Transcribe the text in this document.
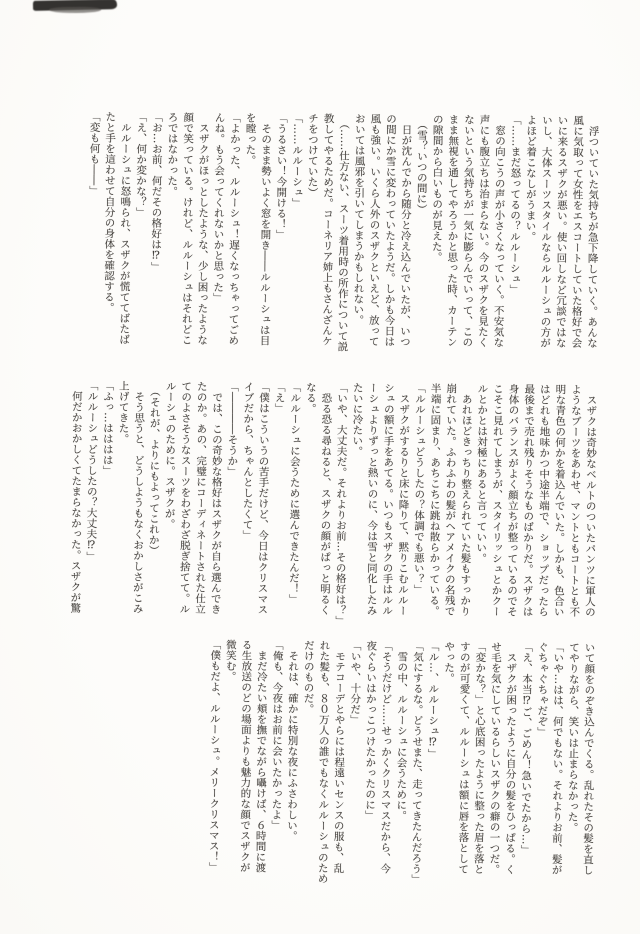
　浮ついていた気持ちが急下降していく。あんな
風に気取って女性をエスコートしていた格好で会
いに来るスザクが悪い。使い回しなど冗談ではな
いし、大体スーツスタイルならルルーシュの方が
よほど着こなしがうまい。
「……まだ怒ってるの？ルルーシュ」
　窓の向こうの声が小さくなっていく。不安気な
声にも腹立ちは治まらない。今のスザクを見たく
ないという気持ちが一気に膨らんでいって、この
まま無視を通してやろうかと思った時、カーテン
の隙間から白いものが見えた。
　（雪？いつの間に）
　日が沈んでから随分と冷え込んでいたが、いつ
の間にか雪に変わっていたようだ。しかも今日は
風も強い。いくら人外のスザクといえど、放って
おいては風邪を引いてしまうかもしれない。
　（……仕方ない、スーツ着用時の所作について説
教してやるためだ。コーネリア姉上もさんざんケ
チをつけていた）
「……ルルーシュ」
「うるさい！今開ける！」
　そのまま勢いよく窓を開き――ルルーシュは目
を瞠った。
「よかった、ルルーシュ！遅くなっちゃってごめ
んね。もう会ってくれないかと思った」
　スザクがほっとしたような、少し困ったような
顔で笑っている。けれど、ルルーシュはそれどこ
ろではなかった。
「お…お前、何だその格好は⁉」
「え、何か変かな？」
　ルルーシュに怒鳴られ、スザクが慌ててばたば
たと手を這わせて自分の身体を確認する。
「変も何も――」
　スザクは奇妙なベルトのついたパンツに軍人の
ようなブーツをあわせ、マントともコートとも不
明な青色の何かを着込んでいた。しかも、色合い
はどれも地味かつ中途半端で、ショップだったら
最後まで売れ残りそうなものばかりだ。スザクは
身体のバランスがよく顔立ちが整っているのでそ
こそこ見れてしまうが、スタイリッシュとかクー
ルとかとは対極にあると言っていい。
　あれほどきっちり整えられていた髪もすっかり
崩れていた。ふわふわの髪がヘアメイクの名残で
半端に固まり、あちこちに跳ね散らかっている。
「ルルーシュどうしたの？体調でも悪い？」
　スザクがするりと床に降りて、黙りこむルルー
シュの額に手をあてる。いつもスザクの手はルル
ーシュよりずっと熱いのに、今は雪と同化したみ
たいに冷たい。
「いや、大丈夫だ。それよりお前…その格好は？」
　恐る恐る尋ねると、スザクの顔がぱっと明るく
なる。
「ルルーシュに会うために選んできたんだ！」
「え」
「僕はこういうの苦手だけど、今日はクリスマス
イブだから、ちゃんとしたくて」
「――――そうか」
　では、この奇妙な格好はスザクが自ら選んでき
たのか。あの、完璧にコーディネートされた仕立
てのよさそうなスーツをわざわざ脱ぎ捨てて。ル
ルーシュのために。スザクが。
　（それが、よりにもよってこれか）
　そう思うと、どうしようもなくおかしさがこみ
上げてきた。
「ふっ…はははは」
「ルルーシュどうしたの？大丈夫⁉」
　何だかおかしくてたまらなかった。スザクが驚
いて顔をのぞき込んでくる。乱れたその髪を直し
てやりながら、笑いは止まらなかった。
「いや…はは、何でもない。それよりお前、髪が
ぐちゃぐちゃだぞ」
「え、本当⁉ご、ごめん！急いでたから…」
　スザクが困ったように自分の髪をひっぱる。く
せ毛を気にしているらしいスザクの癖の一つだ。
「変かな？」と心底困ったように整った眉を落と
すのが可愛くて、ルルーシュは額に唇を落として
やった。
「ル…、ルルーシュ⁉」
「気にするな。どうせまた、走ってきたんだろう」
　雪の中、ルルーシュに会うために。
「そうだけど……せっかくクリスマスだから、今
夜ぐらいはかっこつけたかったのに」
「いや、十分だ」
　モテコーデとやらには程遠いセンスの服も、乱
れた髪も、８０万人の誰でもなくルルーシュのため
だけのものだ。
　それは、確かに特別な夜にふさわしい。
「俺も、今夜はお前に会いたかったよ」
　まだ冷たい頬を撫でながら囁けば、６時間に渡
る生放送のどの場面よりも魅力的な顔でスザクが
微笑む。
「僕もだよ、ルルーシュ。メリークリスマス！」
